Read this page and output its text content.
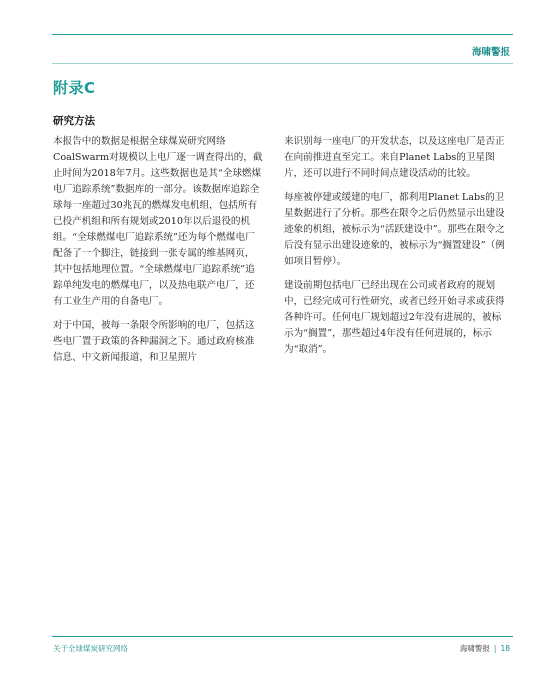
海啸警报
附录C
研究方法

本报告中的数据是根据全球煤炭研究网络CoalSwarm对规模以上电厂逐一调查得出的，截止时间为2018年7月。这些数据也是其“全球燃煤电厂追踪系统”数据库的一部分。该数据库追踪全球每一座超过30兆瓦的燃煤发电机组，包括所有已投产机组和所有规划或2010年以后退役的机组。“全球燃煤电厂追踪系统”还为每个燃煤电厂配备了一个脚注，链接到一张专属的维基网页，其中包括地理位置。“全球燃煤电厂追踪系统”追踪单纯发电的燃煤电厂，以及热电联产电厂，还有工业生产用的自备电厂。

对于中国，被每一条限令所影响的电厂，包括这些电厂置于政策的各种漏洞之下。通过政府核准信息、中文新闻报道，和卫星照片

来识别每一座电厂的开发状态，以及这座电厂是否正在向前推进直至完工。来自Planet Labs的卫星图片，还可以进行不同时间点建设活动的比较。

每座被停建或缓建的电厂，都利用Planet Labs的卫星数据进行了分析。那些在限令之后仍然显示出建设迹象的机组，被标示为“活跃建设中”。那些在限令之后没有显示出建设迹象的，被标示为“搁置建设”（例如项目暂停）。

建设前期包括电厂已经出现在公司或者政府的规划中，已经完成可行性研究，或者已经开始寻求或获得各种许可。任何电厂规划超过2年没有进展的，被标示为“搁置”，那些超过4年没有任何进展的，标示为“取消”。

关于全球煤炭研究网络	海啸警报 | 18
